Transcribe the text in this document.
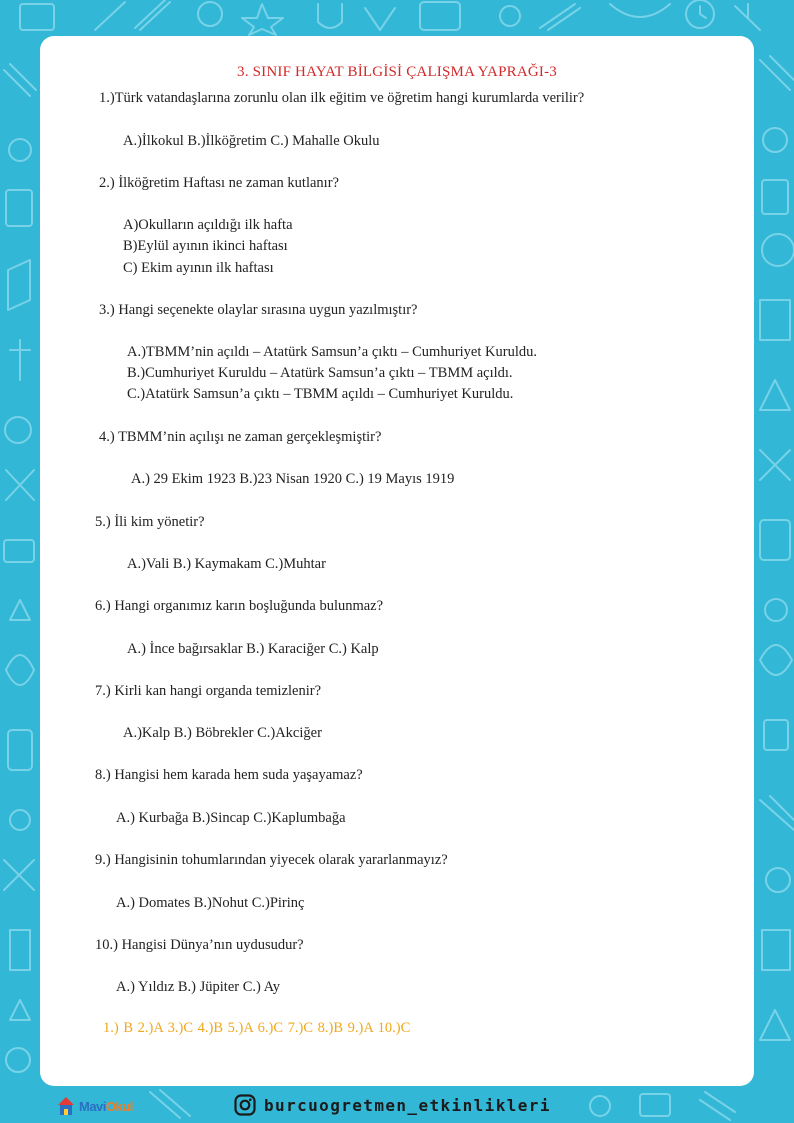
3. SINIF HAYAT BİLGİSİ ÇALIŞMA YAPRAĞI-3
1.)Türk vatandaşlarına zorunlu olan ilk eğitim ve öğretim hangi kurumlarda verilir?
A.)İlkokul B.)İlköğretim C.) Mahalle Okulu
2.) İlköğretim Haftası ne zaman kutlanır?
A)Okulların açıldığı ilk hafta
B)Eylül ayının ikinci haftası
C) Ekim ayının ilk haftası
3.) Hangi seçenekte olaylar sırasına uygun yazılmıştır?
A.)TBMM’nin açıldı – Atatürk Samsun’a çıktı – Cumhuriyet Kuruldu.
B.)Cumhuriyet Kuruldu – Atatürk Samsun’a çıktı – TBMM açıldı.
C.)Atatürk Samsun’a çıktı – TBMM açıldı – Cumhuriyet Kuruldu.
4.) TBMM’nin açılışı ne zaman gerçekleşmiştir?
A.) 29 Ekim 1923 B.)23 Nisan 1920 C.) 19 Mayıs 1919
5.) İli kim yönetir?
A.)Vali B.) Kaymakam C.)Muhtar
6.) Hangi organımız karın boşluğunda bulunmaz?
A.) İnce bağırsaklar B.) Karaciğer C.) Kalp
7.) Kirli kan hangi organda temizlenir?
A.)Kalp B.) Böbrekler C.)Akciğer
8.) Hangisi hem karada hem suda yaşayamaz?
A.) Kurbağa B.)Sincap C.)Kaplumbağa
9.) Hangisinin tohumlarından yiyecek olarak yararlanmayız?
A.) Domates B.)Nohut C.)Pirinç
10.) Hangisi Dünya’nın uydusudur?
A.) Yıldız B.) Jüpiter C.) Ay
1.) B 2.)A 3.)C 4.)B 5.)A 6.)C 7.)C 8.)B 9.)A 10.)C
MaviOkul	burcuogretmen_etkinlikleri
